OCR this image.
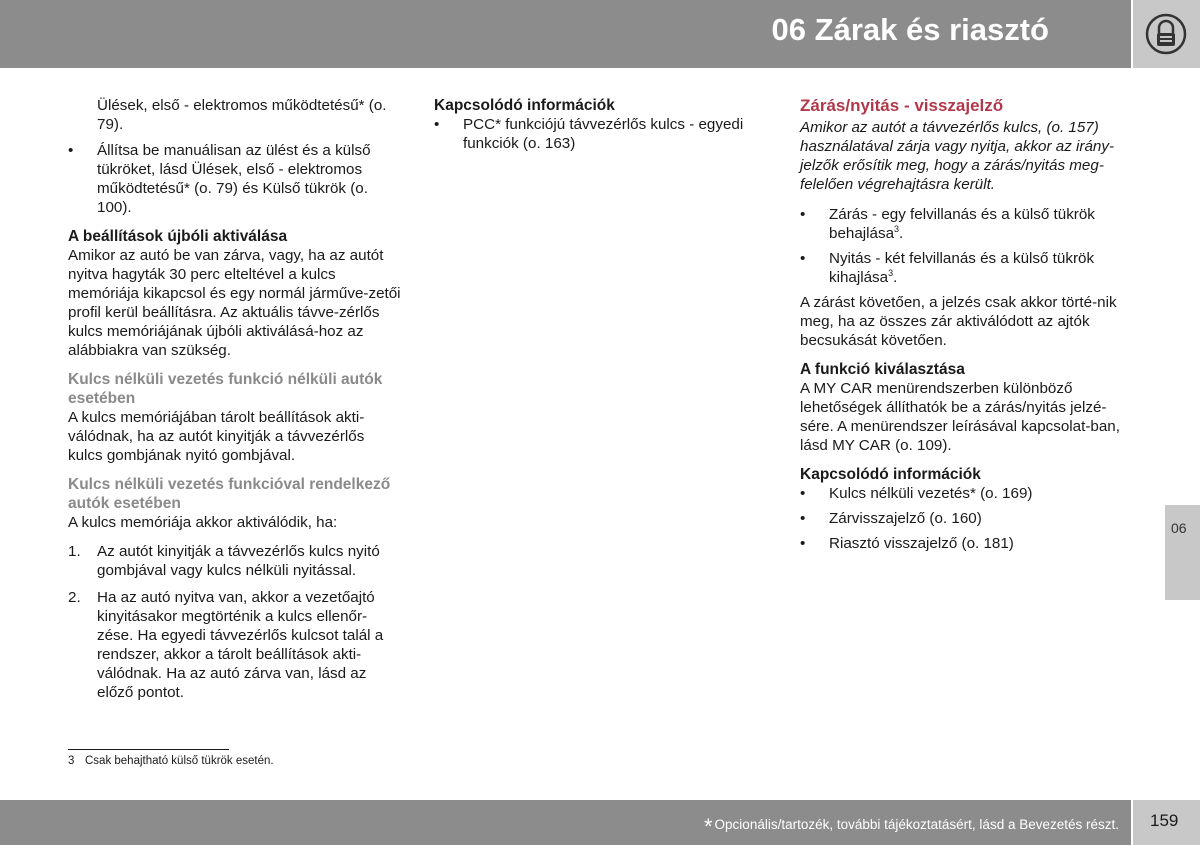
06 Zárak és riasztó

Ülések, első - elektromos működtetésű* (o. 79).

•	Állítsa be manuálisan az ülést és a külső tükröket, lásd Ülések, első - elektromos működtetésű* (o. 79) és Külső tükrök (o. 100).

A beállítások újbóli aktiválása

Amikor az autó be van zárva, vagy, ha az autót nyitva hagyták 30 perc elteltével a kulcs memóriája kikapcsol és egy normál járműve-zetői profil kerül beállításra. Az aktuális távve-zérlős kulcs memóriájának újbóli aktiválásá-hoz az alábbiakra van szükség.

Kulcs nélküli vezetés funkció nélküli autók esetében

A kulcs memóriájában tárolt beállítások akti-válódnak, ha az autót kinyitják a távvezérlős kulcs gombjának nyitó gombjával.

Kulcs nélküli vezetés funkcióval rendelkező autók esetében

A kulcs memóriája akkor aktiválódik, ha:

1. Az autót kinyitják a távvezérlős kulcs nyitó gombjával vagy kulcs nélküli nyitással.
2. Ha az autó nyitva van, akkor a vezetőajtó kinyitásakor megtörténik a kulcs ellenőr-zése. Ha egyedi távvezérlős kulcsot talál a rendszer, akkor a tárolt beállítások akti-válódnak. Ha az autó zárva van, lásd az előző pontot.

Kapcsolódó információk

•	PCC* funkciójú távvezérlős kulcs - egyedi funkciók (o. 163)

Zárás/nyitás - visszajelző

Amikor az autót a távvezérlős kulcs, (o. 157) használatával zárja vagy nyitja, akkor az irány-jelzők erősítik meg, hogy a zárás/nyitás meg-felelően végrehajtásra került.

•	Zárás - egy felvillanás és a külső tükrök behajlása$^3$.
•	Nyitás - két felvillanás és a külső tükrök kihajlása$^3$.

A zárást követően, a jelzés csak akkor törté-nik meg, ha az összes zár aktiválódott az ajtók becsukását követően.

A funkció kiválasztása

A MY CAR menürendszerben különböző lehetőségek állíthatók be a zárás/nyitás jelzé-sére. A menürendszer leírásával kapcsolat-ban, lásd MY CAR (o. 109).

Kapcsolódó információk

•	Kulcs nélküli vezetés* (o. 169)
•	Zárvisszajelző (o. 160)
•	Riasztó visszajelző (o. 181)
3 Csak behajtható külső tükrök esetén.
06
* Opcionális/tartozék, további tájékoztatásért, lásd a Bevezetés részt. 159
